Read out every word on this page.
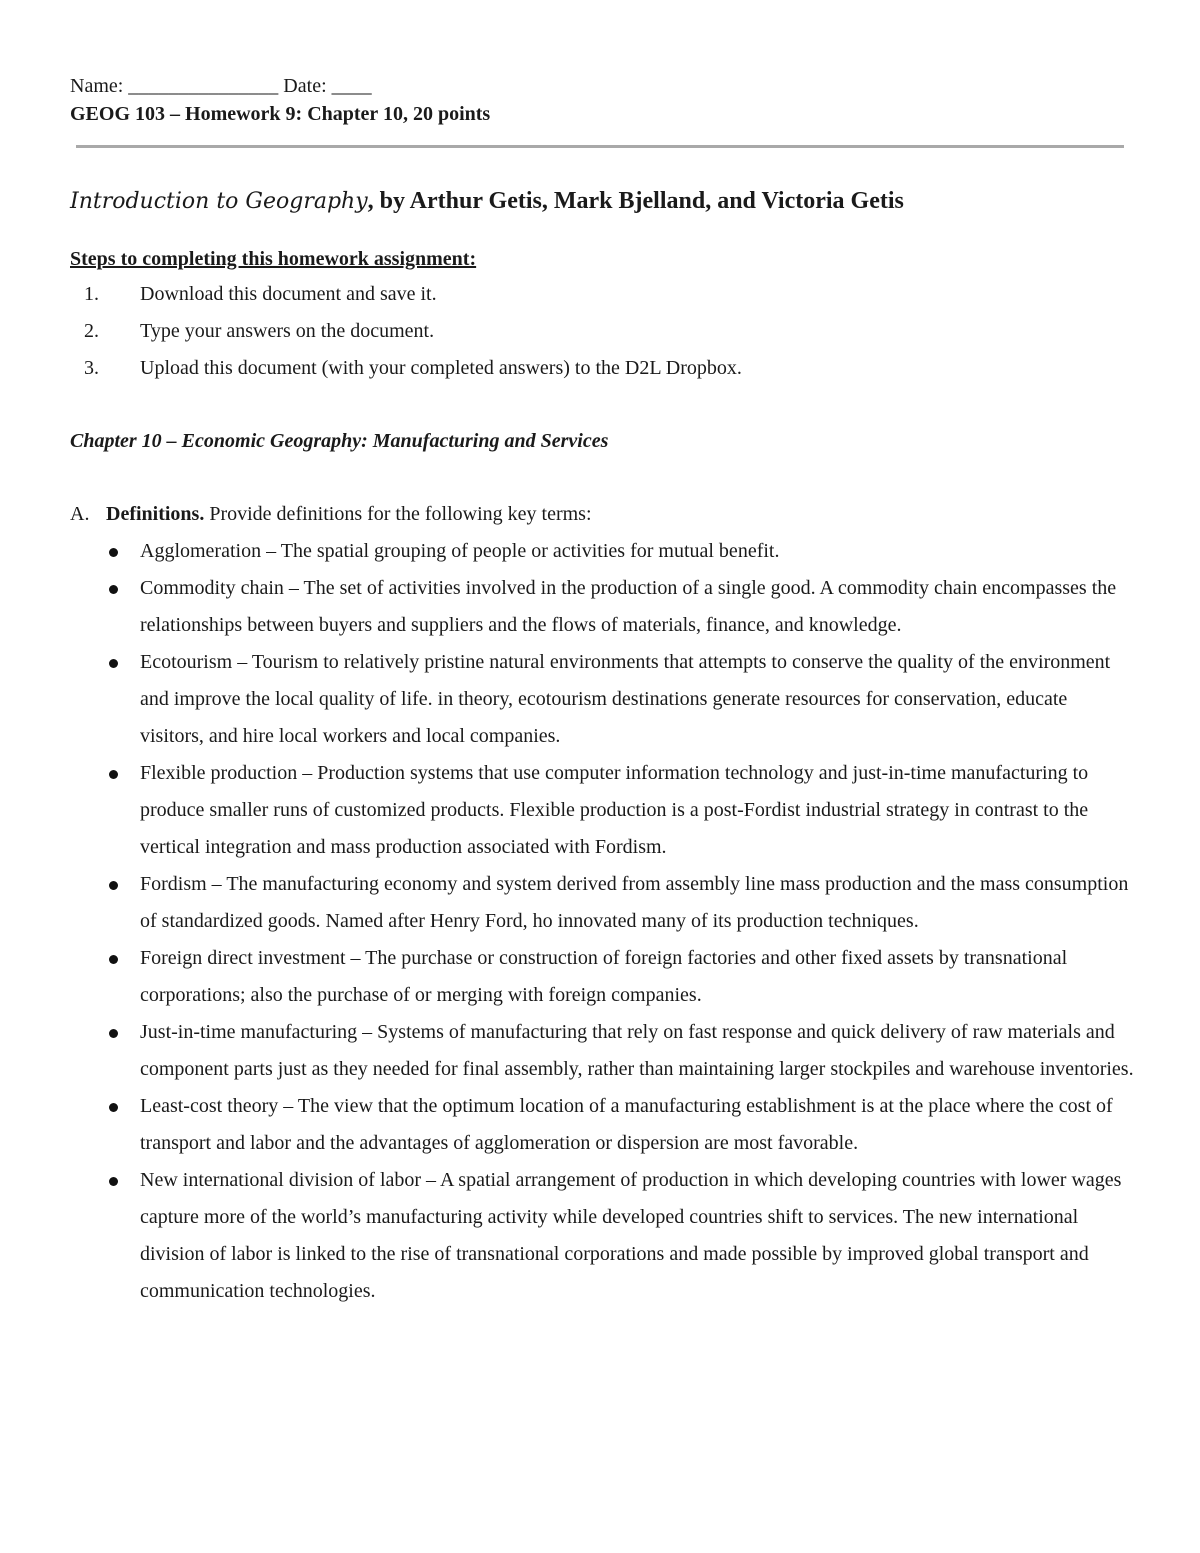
Name: _______________ Date: ____
GEOG 103 – Homework 9: Chapter 10, 20 points
Introduction to Geography, by Arthur Getis, Mark Bjelland, and Victoria Getis
Steps to completing this homework assignment:
1.	Download this document and save it.
2.	Type your answers on the document.
3.	Upload this document (with your completed answers) to the D2L Dropbox.
Chapter 10 – Economic Geography: Manufacturing and Services
A. Definitions. Provide definitions for the following key terms:
Agglomeration – The spatial grouping of people or activities for mutual benefit.
Commodity chain – The set of activities involved in the production of a single good. A commodity chain encompasses the relationships between buyers and suppliers and the flows of materials, finance, and knowledge.
Ecotourism – Tourism to relatively pristine natural environments that attempts to conserve the quality of the environment and improve the local quality of life. in theory, ecotourism destinations generate resources for conservation, educate visitors, and hire local workers and local companies.
Flexible production – Production systems that use computer information technology and just-in-time manufacturing to produce smaller runs of customized products. Flexible production is a post-Fordist industrial strategy in contrast to the vertical integration and mass production associated with Fordism.
Fordism – The manufacturing economy and system derived from assembly line mass production and the mass consumption of standardized goods. Named after Henry Ford, ho innovated many of its production techniques.
Foreign direct investment – The purchase or construction of foreign factories and other fixed assets by transnational corporations; also the purchase of or merging with foreign companies.
Just-in-time manufacturing – Systems of manufacturing that rely on fast response and quick delivery of raw materials and component parts just as they needed for final assembly, rather than maintaining larger stockpiles and warehouse inventories.
Least-cost theory – The view that the optimum location of a manufacturing establishment is at the place where the cost of transport and labor and the advantages of agglomeration or dispersion are most favorable.
New international division of labor – A spatial arrangement of production in which developing countries with lower wages capture more of the world’s manufacturing activity while developed countries shift to services. The new international division of labor is linked to the rise of transnational corporations and made possible by improved global transport and communication technologies.
